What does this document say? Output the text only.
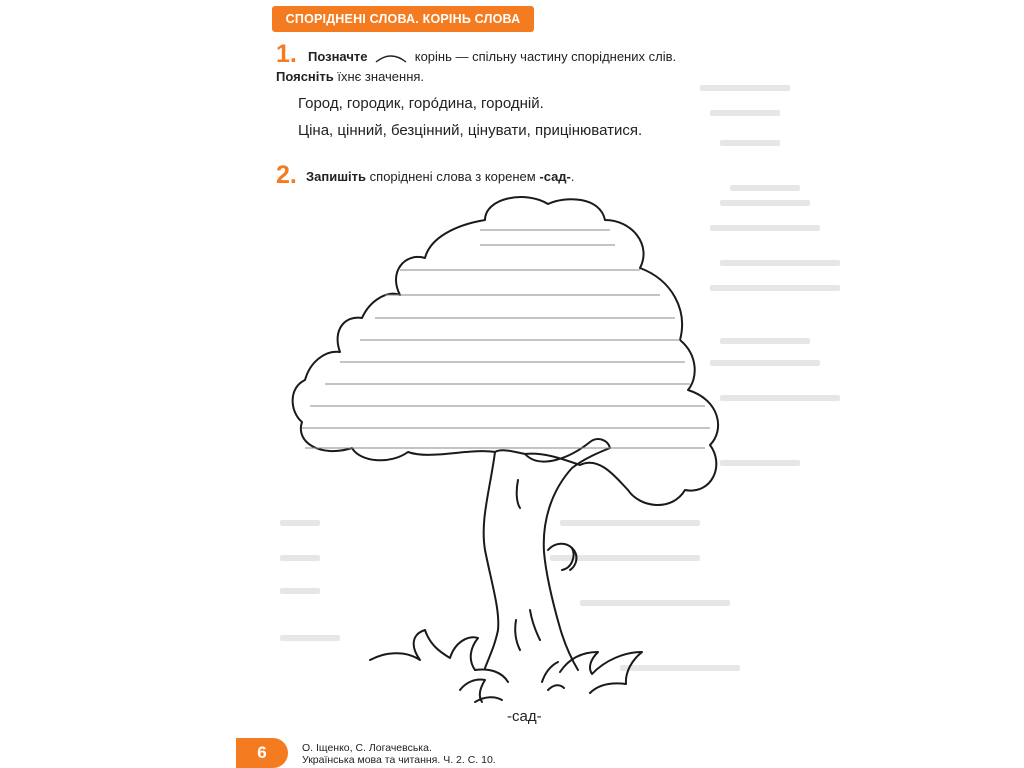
СПОРІДНЕНІ СЛОВА. КОРІНЬ СЛОВА
1. Позначте	корінь — спільну частину споріднених слів.
Поясніть їхнє значення.
Город, городик, горо́дина, городній.
Ціна, цінний, безцінний, цінувати, прицінюватися.
2. Запишіть споріднені слова з коренем -сад-.
-сад-
6	О. Іщенко, С. Логачевська.
Українська мова та читання. Ч. 2. С. 10.
